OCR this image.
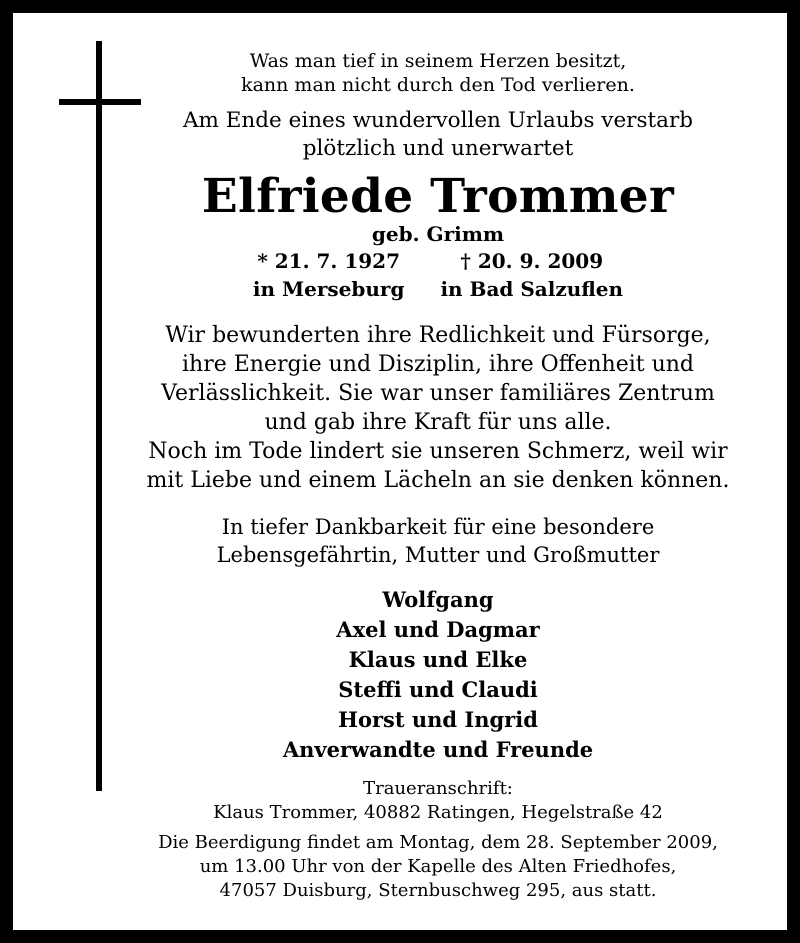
Was man tief in seinem Herzen besitzt,
kann man nicht durch den Tod verlieren.
Am Ende eines wundervollen Urlaubs verstarb
plötzlich und unerwartet
Elfriede Trommer
geb. Grimm
* 21. 7. 1927
in Merseburg
† 20. 9. 2009
in Bad Salzuflen
Wir bewunderten ihre Redlichkeit und Fürsorge,
ihre Energie und Disziplin, ihre Offenheit und
Verlässlichkeit. Sie war unser familiäres Zentrum
und gab ihre Kraft für uns alle.
Noch im Tode lindert sie unseren Schmerz, weil wir
mit Liebe und einem Lächeln an sie denken können.
In tiefer Dankbarkeit für eine besondere
Lebensgefährtin, Mutter und Großmutter
Wolfgang
Axel und Dagmar
Klaus und Elke
Steffi und Claudi
Horst und Ingrid
Anverwandte und Freunde
Traueranschrift:
Klaus Trommer, 40882 Ratingen, Hegelstraße 42
Die Beerdigung findet am Montag, dem 28. September 2009,
um 13.00 Uhr von der Kapelle des Alten Friedhofes,
47057 Duisburg, Sternbuschweg 295, aus statt.
